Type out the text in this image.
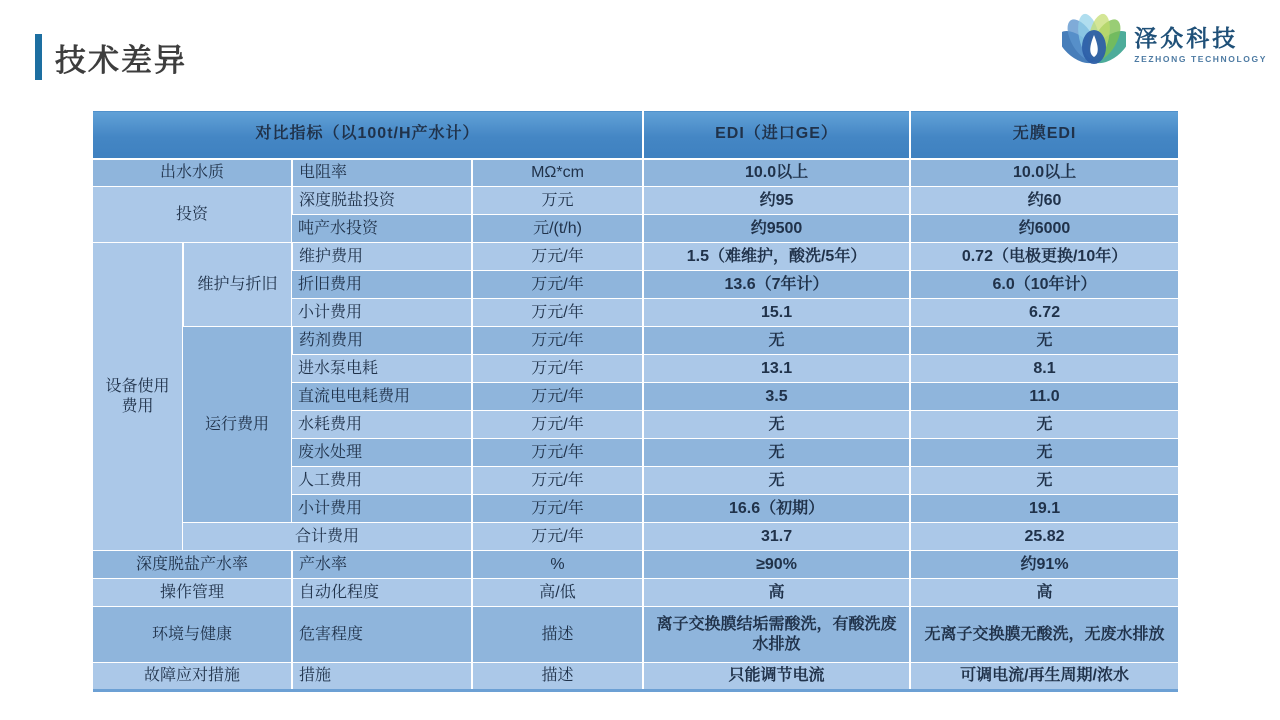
技术差异
泽众科技
ZEZHONG TECHNOLOGY
对比指标（以100t/H产水计）				EDI（进口GE）	无膜EDI
出水水质		电阻率	MΩ*cm	10.0以上	10.0以上
投资		深度脱盐投资	万元	约95	约60
		吨产水投资	元/(t/h)	约9500	约6000
设备使用费用	维护与折旧	维护费用	万元/年	1.5（难维护，酸洗/5年）	0.72（电极更换/10年）
		折旧费用	万元/年	13.6（7年计）	6.0（10年计）
		小计费用	万元/年	15.1	6.72
	运行费用	药剂费用	万元/年	无	无
		进水泵电耗	万元/年	13.1	8.1
		直流电电耗费用	万元/年	3.5	11.0
		水耗费用	万元/年	无	无
		废水处理	万元/年	无	无
		人工费用	万元/年	无	无
		小计费用	万元/年	16.6（初期）	19.1
	合计费用		万元/年	31.7	25.82
深度脱盐产水率		产水率	%	≥90%	约91%
操作管理		自动化程度	高/低	高	高
环境与健康		危害程度	描述	离子交换膜结垢需酸洗，有酸洗废水排放	无离子交换膜无酸洗，无废水排放
故障应对措施		措施	描述	只能调节电流	可调电流/再生周期/浓水
